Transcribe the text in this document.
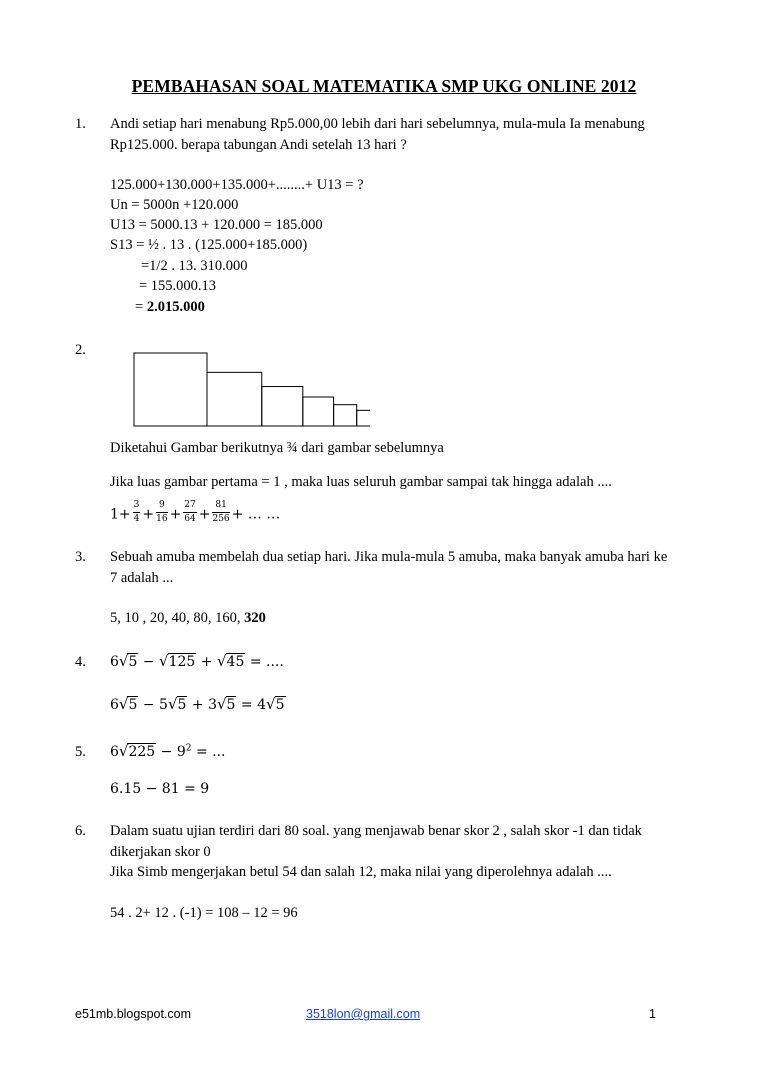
PEMBAHASAN SOAL MATEMATIKA SMP UKG ONLINE 2012
1. Andi setiap hari menabung Rp5.000,00 lebih dari hari sebelumnya, mula-mula Ia menabung
Rp125.000. berapa tabungan Andi setelah 13 hari ?
125.000+130.000+135.000+........+ U13 = ?
Un = 5000n +120.000
U13 = 5000.13 + 120.000 = 185.000
S13 = ½ . 13 . (125.000+185.000)
=1/2 . 13. 310.000
= 155.000.13
= 2.015.000
2.
Diketahui Gambar berikutnya ¾ dari gambar sebelumnya
Jika luas gambar pertama = 1 , maka luas seluruh gambar sampai tak hingga adalah ....
$1+ \frac{3}{4} + \frac{9}{16} + \frac{27}{64} + \frac{81}{256}$ + … …
3. Sebuah amuba membelah dua setiap hari. Jika mula-mula 5 amuba, maka banyak amuba hari ke
7 adalah ...
5, 10 , 20, 40, 80, 160, 320
4. 6√5 − √125 + √45 = ....
6√5 − 5√5 + 3√5 = 4√5
5. $6√225 - 9^2$ = ...
6.15 − 81 = 9
6. Dalam suatu ujian terdiri dari 80 soal. yang menjawab benar skor 2 , salah skor -1 dan tidak
dikerjakan skor 0
Jika Simb mengerjakan betul 54 dan salah 12, maka nilai yang diperolehnya adalah ....
54 . 2+ 12 . (-1) = 108 – 12 = 96
e51mb.blogspot.com	3518lon@gmail.com	1
